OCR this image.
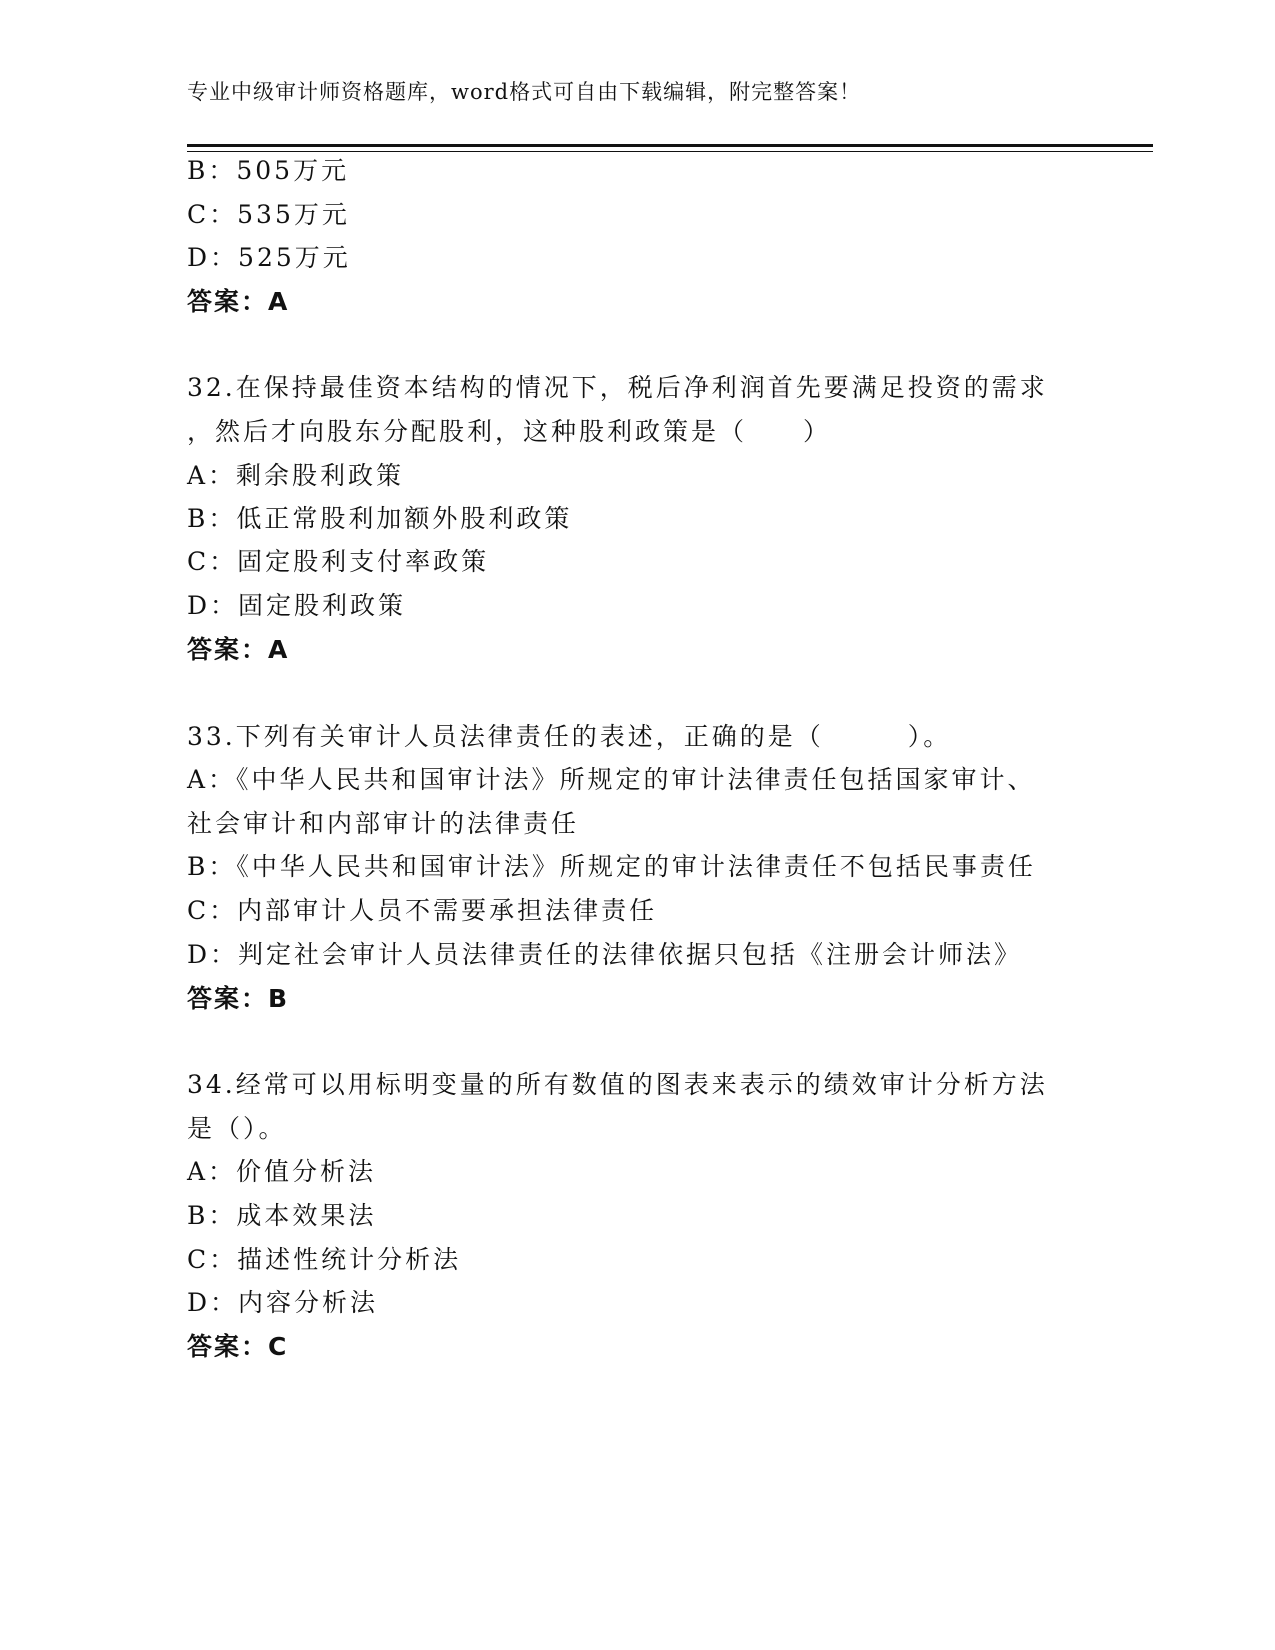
专业中级审计师资格题库，word格式可自由下载编辑，附完整答案！
B：505万元
C：535万元
D：525万元
答案：A
32.在保持最佳资本结构的情况下，税后净利润首先要满足投资的需求
，然后才向股东分配股利，这种股利政策是（　　）
A：剩余股利政策
B：低正常股利加额外股利政策
C：固定股利支付率政策
D：固定股利政策
答案：A
33.下列有关审计人员法律责任的表述，正确的是（　　　）。
A：《中华人民共和国审计法》所规定的审计法律责任包括国家审计、
社会审计和内部审计的法律责任
B：《中华人民共和国审计法》所规定的审计法律责任不包括民事责任
C：内部审计人员不需要承担法律责任
D：判定社会审计人员法律责任的法律依据只包括《注册会计师法》
答案：B
34.经常可以用标明变量的所有数值的图表来表示的绩效审计分析方法
是（）。
A：价值分析法
B：成本效果法
C：描述性统计分析法
D：内容分析法
答案：C
